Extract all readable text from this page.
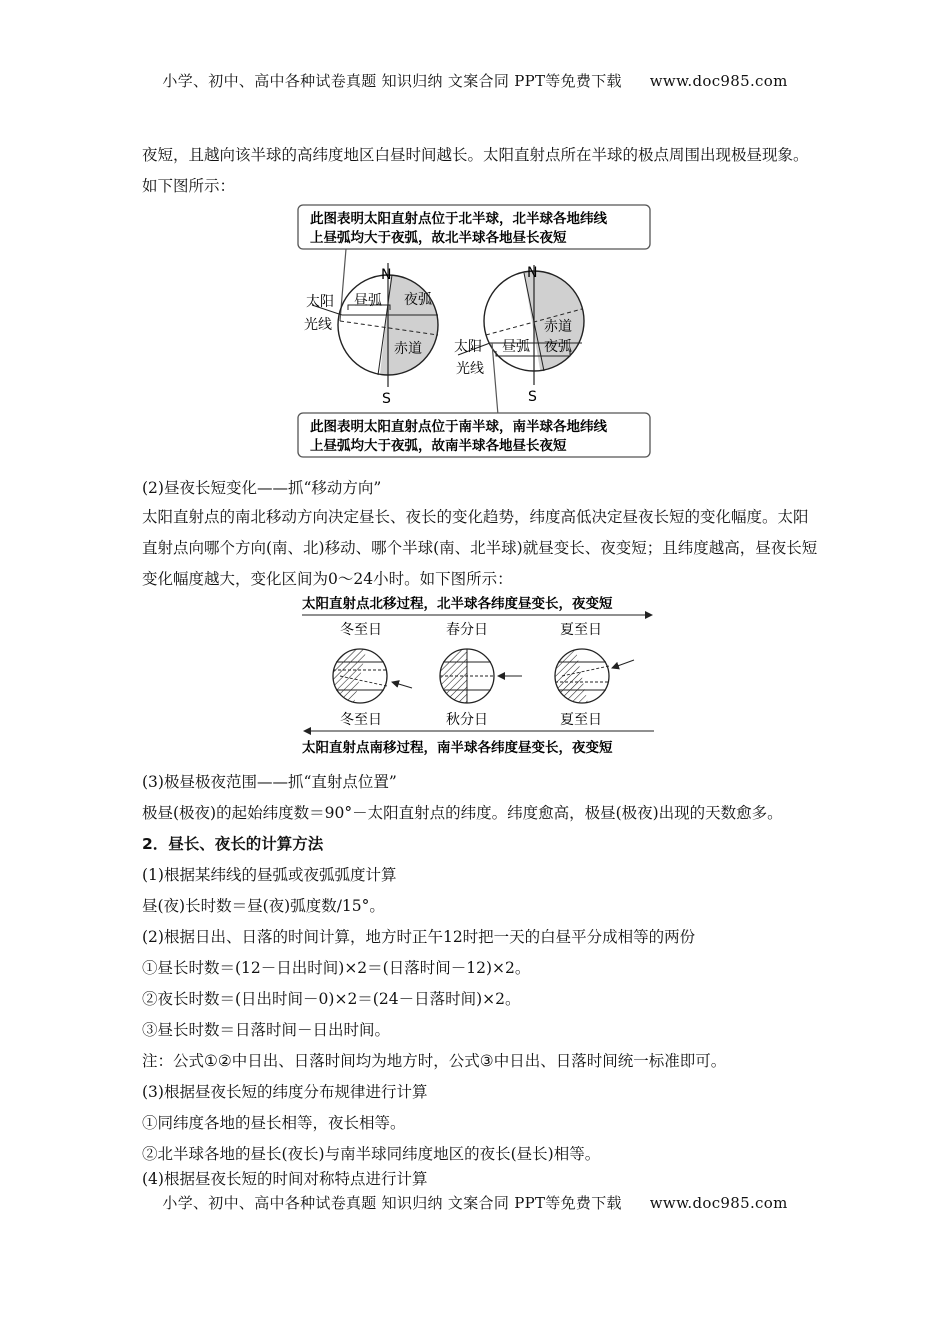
小学、初中、高中各种试卷真题 知识归纳 文案合同 PPT等免费下载 www.doc985.com
夜短，且越向该半球的高纬度地区白昼时间越长。太阳直射点所在半球的极点周围出现极昼现象。如下图所示：
此图表明太阳直射点位于北半球，北半球各地纬线
上昼弧均大于夜弧，故北半球各地昼长夜短
N
S
昼弧 夜弧
赤道
太阳
光线
N
S
昼弧 夜弧
赤道
太阳
光线
此图表明太阳直射点位于南半球，南半球各地纬线
上昼弧均大于夜弧，故南半球各地昼长夜短
(2)昼夜长短变化——抓“移动方向”
太阳直射点的南北移动方向决定昼长、夜长的变化趋势，纬度高低决定昼夜长短的变化幅度。太阳直射点向哪个方向(南、北)移动、哪个半球(南、北半球)就昼变长、夜变短；且纬度越高，昼夜长短变化幅度越大，变化区间为0～24小时。如下图所示：
太阳直射点北移过程，北半球各纬度昼变长，夜变短
冬至日	春分日	夏至日
冬至日	秋分日	夏至日
太阳直射点南移过程，南半球各纬度昼变长，夜变短
(3)极昼极夜范围——抓“直射点位置”
极昼(极夜)的起始纬度数＝90°－太阳直射点的纬度。纬度愈高，极昼(极夜)出现的天数愈多。
2．昼长、夜长的计算方法
(1)根据某纬线的昼弧或夜弧弧度计算
昼(夜)长时数＝昼(夜)弧度数/15°。
(2)根据日出、日落的时间计算，地方时正午12时把一天的白昼平分成相等的两份
①昼长时数＝(12－日出时间)×2＝(日落时间－12)×2。
②夜长时数＝(日出时间－0)×2＝(24－日落时间)×2。
③昼长时数＝日落时间－日出时间。
注：公式①②中日出、日落时间均为地方时，公式③中日出、日落时间统一标准即可。
(3)根据昼夜长短的纬度分布规律进行计算
①同纬度各地的昼长相等，夜长相等。
②北半球各地的昼长(夜长)与南半球同纬度地区的夜长(昼长)相等。
(4)根据昼夜长短的时间对称特点进行计算
小学、初中、高中各种试卷真题 知识归纳 文案合同 PPT等免费下载 www.doc985.com
